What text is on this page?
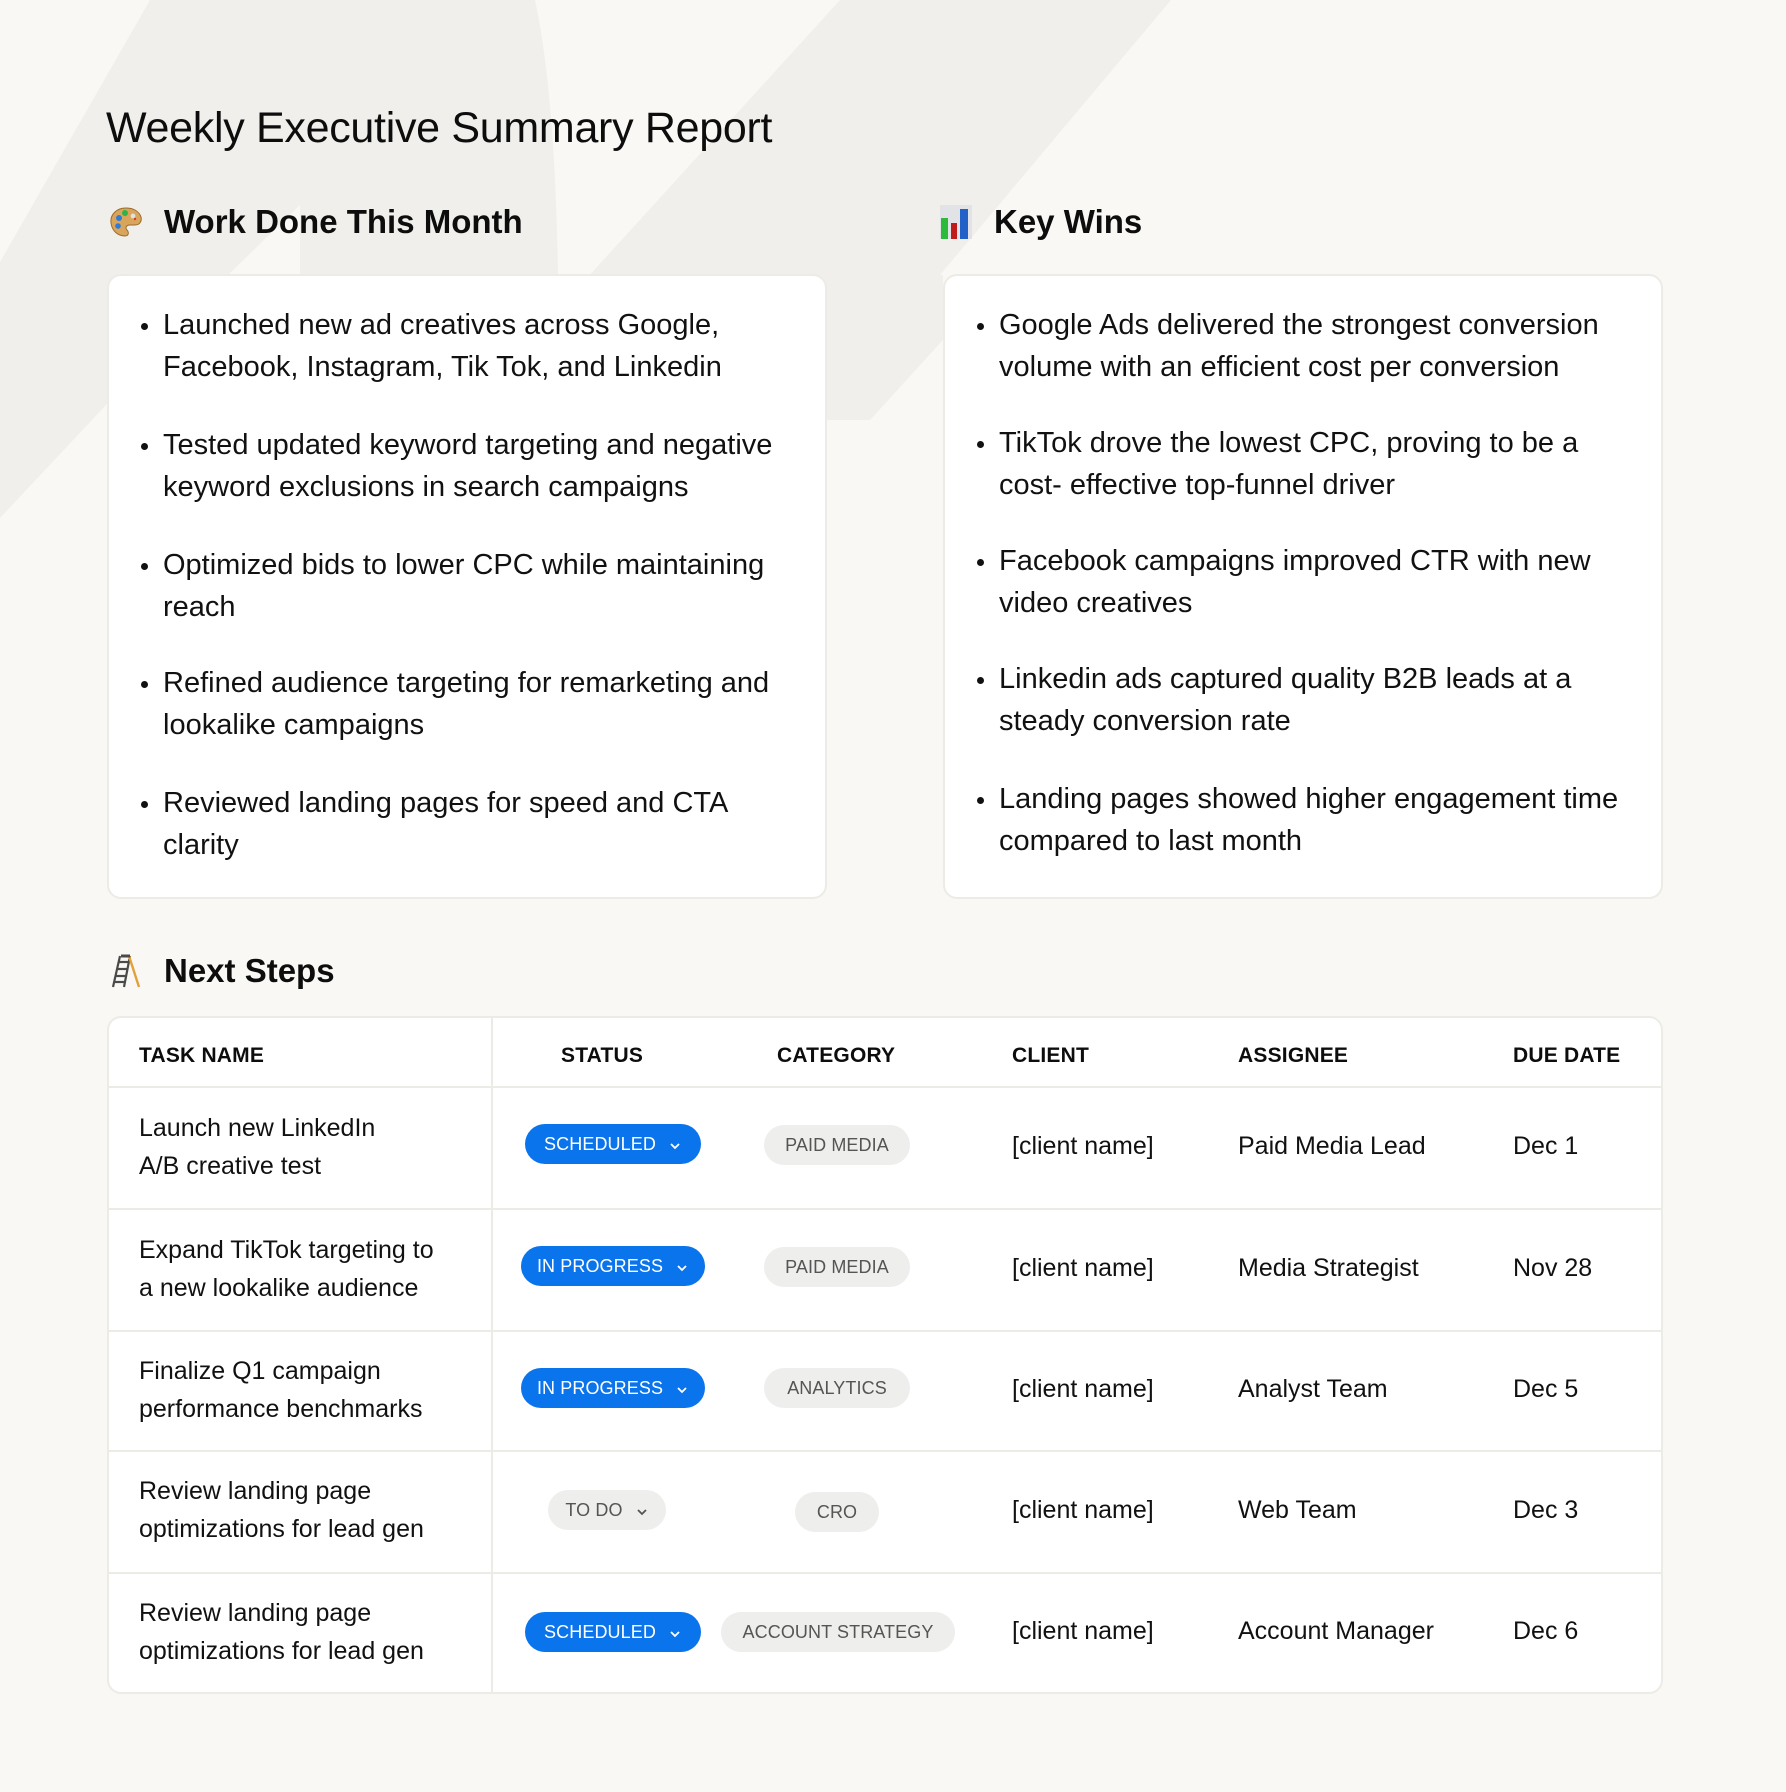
Weekly Executive Summary Report
Work Done This Month
Launched new ad creatives across Google, Facebook, Instagram, Tik Tok, and Linkedin
Tested updated keyword targeting and negative keyword exclusions in search campaigns
Optimized bids to lower CPC while maintaining reach
Refined audience targeting for remarketing and lookalike campaigns
Reviewed landing pages for speed and CTA clarity
Key Wins
Google Ads delivered the strongest conversion volume with an efficient cost per conversion
TikTok drove the lowest CPC, proving to be a cost- effective top-funnel driver
Facebook campaigns improved CTR with new video creatives
Linkedin ads captured quality B2B leads at a steady conversion rate
Landing pages showed higher engagement time compared to last month
Next Steps
TASK NAME	STATUS	CATEGORY	CLIENT	ASSIGNEE	DUE DATE
Launch new LinkedIn
A/B creative test
SCHEDULED	PAID MEDIA	[client name]	Paid Media Lead	Dec 1
Expand TikTok targeting to
a new lookalike audience
IN PROGRESS	PAID MEDIA	[client name]	Media Strategist	Nov 28
Finalize Q1 campaign
performance benchmarks
IN PROGRESS	ANALYTICS	[client name]	Analyst Team	Dec 5
Review landing page
optimizations for lead gen
TO DO	CRO	[client name]	Web Team	Dec 3
Review landing page
optimizations for lead gen
SCHEDULED	ACCOUNT STRATEGY	[client name]	Account Manager	Dec 6
